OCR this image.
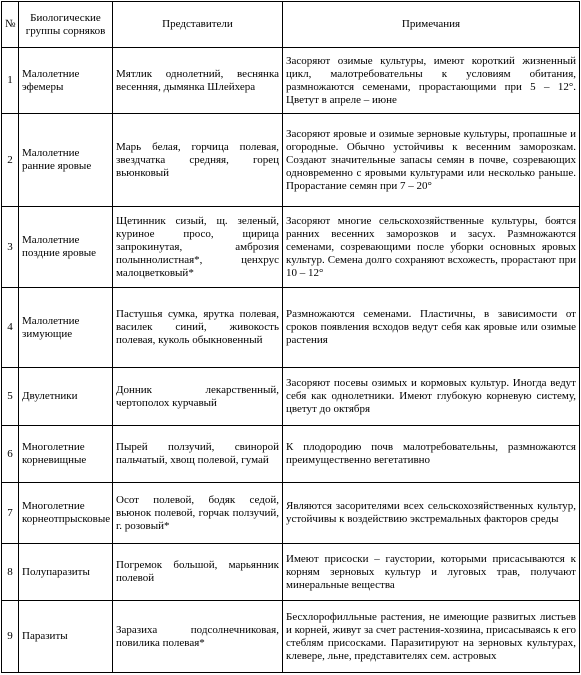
№	Биологические группы сорняков	Представители	Примечания
1	Малолетние эфемеры	Мятлик однолетний, веснянка весенняя, дымянка Шлейхера	Засоряют озимые культуры, имеют короткий жизненный цикл, малотребовательны к условиям обитания, размножаются семенами, прорастающими при 5 – 12°. Цветут в апреле – июне
2	Малолетние ранние яровые	Марь белая, горчица полевая, звездчатка средняя, горец вьюнковый	Засоряют яровые и озимые зерновые культуры, пропашные и огородные. Обычно устойчивы к весенним заморозкам. Создают значительные запасы семян в почве, созревающих одновременно с яровыми культурами или несколько раньше. Прорастание семян при 7 – 20°
3	Малолетние поздние яровые	Щетинник сизый, щ. зеленый, куриное просо, щирица запрокинутая, амброзия полыннолистная*, ценхрус малоцветковый*	Засоряют многие сельскохозяйственные культуры, боятся ранних весенних заморозков и засух. Размножаются семенами, созревающими после уборки основных яровых культур. Семена долго сохраняют всхожесть, прорастают при 10 – 12°
4	Малолетние зимующие	Пастушья сумка, ярутка полевая, василек синий, живокость полевая, куколь обыкновенный	Размножаются семенами. Пластичны, в зависимости от сроков появления всходов ведут себя как яровые или озимые растения
5	Двулетники	Донник лекарственный, чертополох курчавый	Засоряют посевы озимых и кормовых культур. Иногда ведут себя как однолетники. Имеют глубокую корневую систему, цветут до октября
6	Многолетние корневищные	Пырей ползучий, свинорой пальчатый, хвощ полевой, гумай	К плодородию почв малотребовательны, размножаются преимущественно вегетативно
7	Многолетние корнеотпрысковые	Осот полевой, бодяк седой, вьюнок полевой, горчак ползучий, г. розовый*	Являются засорителями всех сельскохозяйственных культур, устойчивы к воздействию экстремальных факторов среды
8	Полупаразиты	Погремок большой, марьянник полевой	Имеют присоски – гаустории, которыми присасываются к корням зерновых культур и луговых трав, получают минеральные вещества
9	Паразиты	Заразиха подсолнечниковая, повилика полевая*	Бесхлорофилльные растения, не имеющие развитых листьев и корней, живут за счет растения-хозяина, присасываясь к его стеблям присосками. Паразитируют на зерновых культурах, клевере, льне, представителях сем. астровых
